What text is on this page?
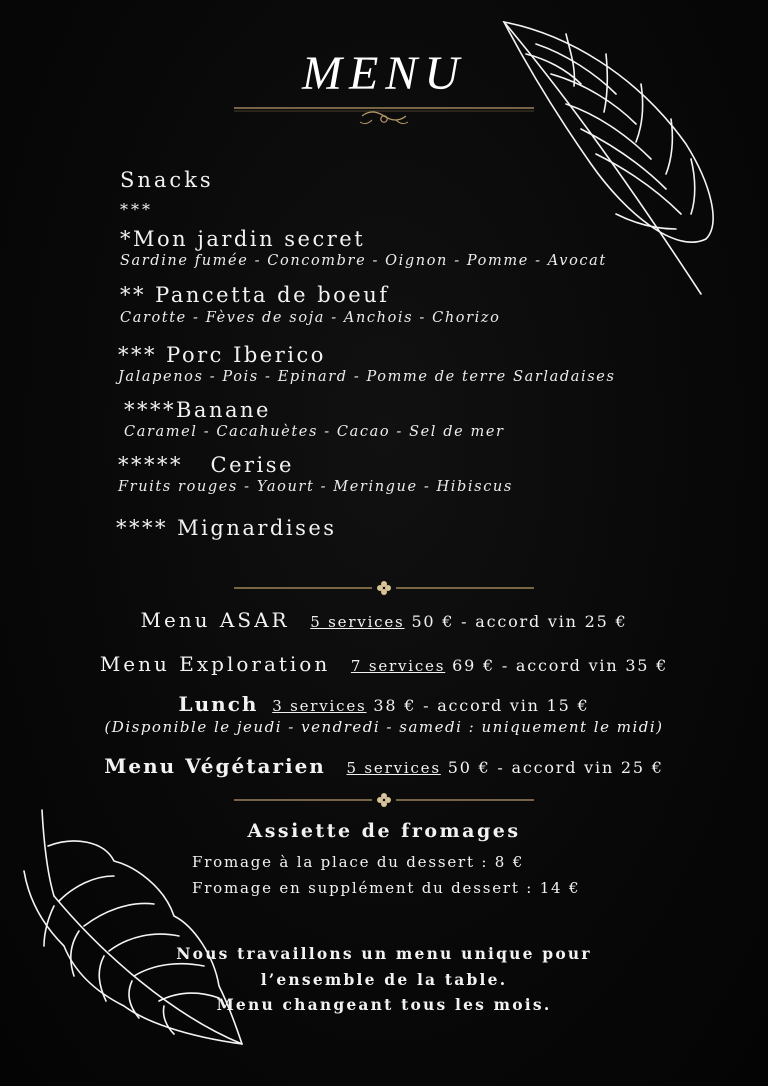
MENU
Snacks
***
*Mon jardin secret
Sardine fumée - Concombre - Oignon - Pomme - Avocat
** Pancetta de boeuf
Carotte - Fèves de soja - Anchois - Chorizo
*** Porc Iberico
Jalapenos - Pois - Epinard - Pomme de terre Sarladaises
****Banane
Caramel - Cacahuètes - Cacao - Sel de mer
*****   Cerise
Fruits rouges - Yaourt - Meringue - Hibiscus
**** Mignardises
Menu ASAR 5 services 50 € - accord vin 25 €
Menu Exploration 7 services 69 € - accord vin 35 €
Lunch 3 services 38 € - accord vin 15 €
(Disponible le jeudi - vendredi - samedi : uniquement le midi)
Menu Végétarien 5 services 50 € - accord vin 25 €
Assiette de fromages
Fromage à la place du dessert : 8 €
Fromage en supplément du dessert : 14 €
Nous travaillons un menu unique pour
l’ensemble de la table.
Menu changeant tous les mois.
